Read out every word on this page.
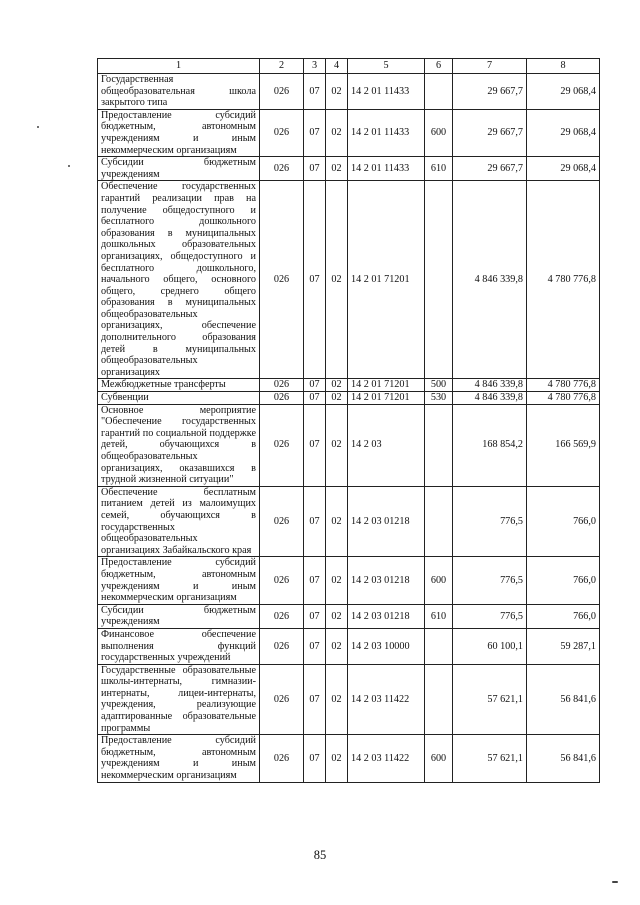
1	2	3	4	5	6	7	8
Государственная общеобразовательная школа закрытого типа	026	07	02	14 2 01 11433		29 667,7	29 068,4
Предоставление субсидий бюджетным, автономным учреждениям и иным некоммерческим организациям	026	07	02	14 2 01 11433	600	29 667,7	29 068,4
Субсидии бюджетным учреждениям	026	07	02	14 2 01 11433	610	29 667,7	29 068,4
Обеспечение государственных гарантий реализации прав на получение общедоступного и бесплатного дошкольного образования в муниципальных дошкольных образовательных организациях, общедоступного и бесплатного дошкольного, начального общего, основного общего, среднего общего образования в муниципальных общеобразовательных организациях, обеспечение дополнительного образования детей в муниципальных общеобразовательных организациях	026	07	02	14 2 01 71201		4 846 339,8	4 780 776,8
Межбюджетные трансферты	026	07	02	14 2 01 71201	500	4 846 339,8	4 780 776,8
Субвенции	026	07	02	14 2 01 71201	530	4 846 339,8	4 780 776,8
Основное мероприятие "Обеспечение государственных гарантий по социальной поддержке детей, обучающихся в общеобразовательных организациях, оказавшихся в трудной жизненной ситуации"	026	07	02	14 2 03		168 854,2	166 569,9
Обеспечение бесплатным питанием детей из малоимущих семей, обучающихся в государственных общеобразовательных организациях Забайкальского края	026	07	02	14 2 03 01218		776,5	766,0
Предоставление субсидий бюджетным, автономным учреждениям и иным некоммерческим организациям	026	07	02	14 2 03 01218	600	776,5	766,0
Субсидии бюджетным учреждениям	026	07	02	14 2 03 01218	610	776,5	766,0
Финансовое обеспечение выполнения функций государственных учреждений	026	07	02	14 2 03 10000		60 100,1	59 287,1
Государственные образовательные школы-интернаты, гимназии-интернаты, лицеи-интернаты, учреждения, реализующие адаптированные образовательные программы	026	07	02	14 2 03 11422		57 621,1	56 841,6
Предоставление субсидий бюджетным, автономным учреждениям и иным некоммерческим организациям	026	07	02	14 2 03 11422	600	57 621,1	56 841,6
85
